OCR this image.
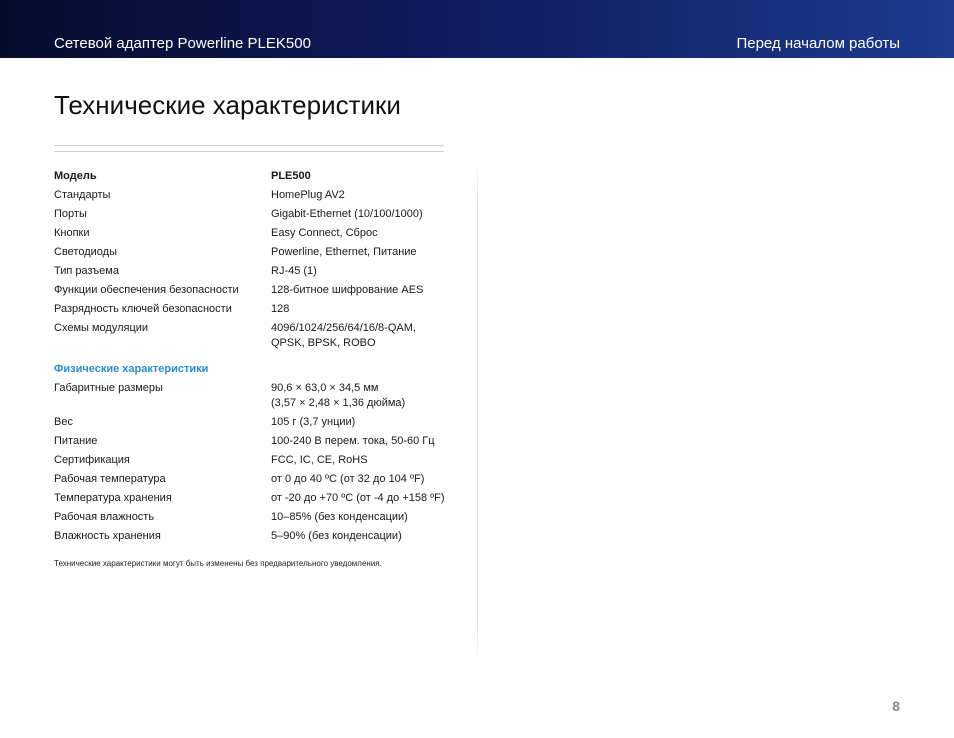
Сетевой адаптер Powerline PLEK500	Перед началом работы
Технические характеристики
Модель	PLE500
Стандарты	HomePlug AV2
Порты	Gigabit-Ethernet (10/100/1000)
Кнопки	Easy Connect, Сброс
Светодиоды	Powerline, Ethernet, Питание
Тип разъема	RJ-45 (1)
Функции обеспечения безопасности	128-битное шифрование AES
Разрядность ключей безопасности	128
Схемы модуляции	4096/1024/256/64/16/8-QAM,
QPSK, BPSK, ROBO
Физические характеристики
Габаритные размеры	90,6 × 63,0 × 34,5 мм
(3,57 × 2,48 × 1,36 дюйма)
Вес	105 г (3,7 унции)
Питание	100-240 В перем. тока, 50-60 Гц
Сертификация	FCC, IC, CE, RoHS
Рабочая температура	от 0 до 40 ºC (от 32 до 104 ºF)
Температура хранения	от -20 до +70 ºC (от -4 до +158 ºF)
Рабочая влажность	10–85% (без конденсации)
Влажность хранения	5–90% (без конденсации)
Технические характеристики могут быть изменены без предварительного уведомления.
8
